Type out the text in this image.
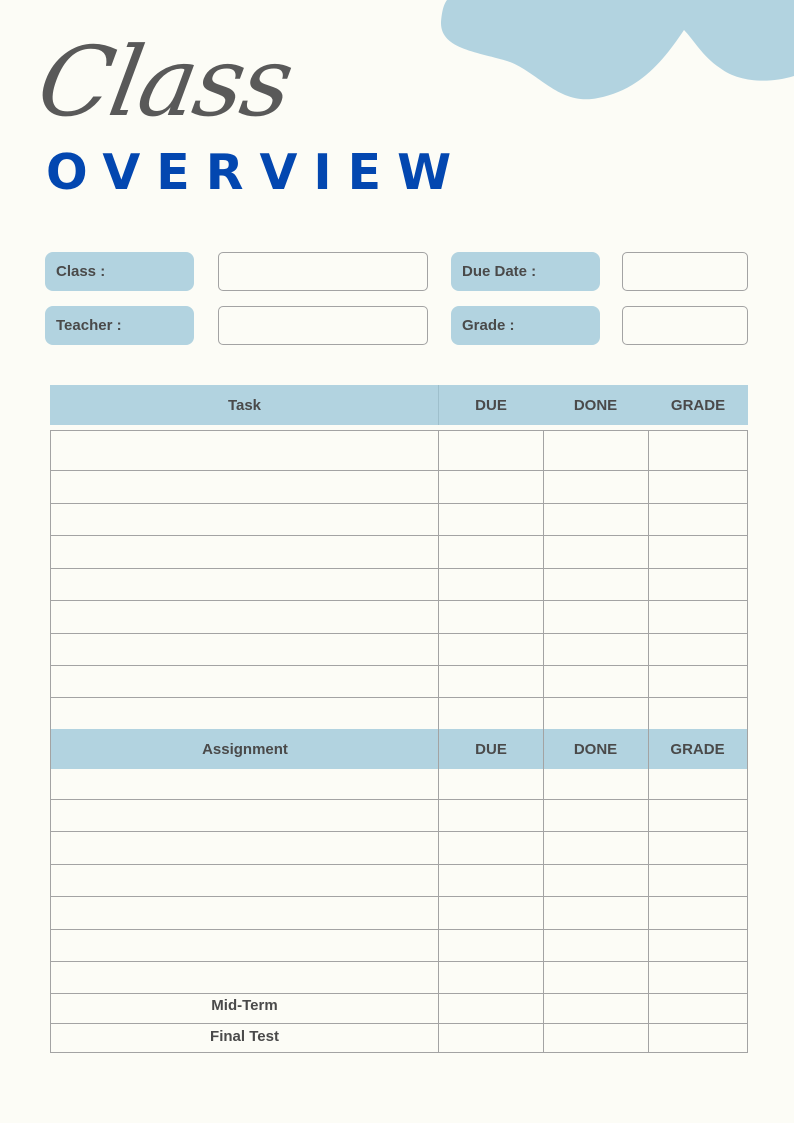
Class
OVERVIEW
Class :	Due Date :
Teacher :	Grade :
Task	DUE	DONE	GRADE
Assignment	DUE	DONE	GRADE
Mid-Term
Final Test
